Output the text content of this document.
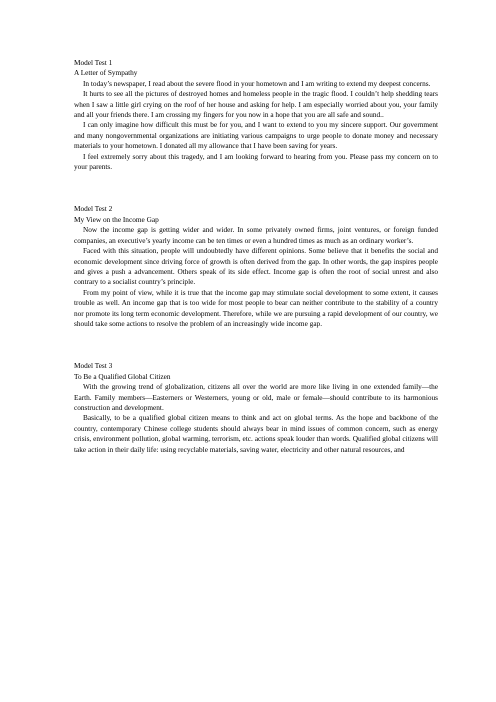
Model Test 1
A Letter of Sympathy

In today’s newspaper, I read about the severe flood in your hometown and I am writing to extend my deepest concerns.

It hurts to see all the pictures of destroyed homes and homeless people in the tragic flood. I couldn’t help shedding tears when I saw a little girl crying on the roof of her house and asking for help. I am especially worried about you, your family and all your friends there. I am crossing my fingers for you now in a hope that you are all safe and sound..

I can only imagine how difficult this must be for you, and I want to extend to you my sincere support. Our government and many nongovernmental organizations are initiating various campaigns to urge people to donate money and necessary materials to your hometown. I donated all my allowance that I have been saving for years.

I feel extremely sorry about this tragedy, and I am looking forward to hearing from you. Please pass my concern on to your parents.

Model Test 2
My View on the Income Gap

Now the income gap is getting wider and wider. In some privately owned firms, joint ventures, or foreign funded companies, an executive’s yearly income can be ten times or even a hundred times as much as an ordinary worker’s.

Faced with this situation, people will undoubtedly have different opinions. Some believe that it benefits the social and economic development since driving force of growth is often derived from the gap. In other words, the gap inspires people and gives a push a advancement. Others speak of its side effect. Income gap is often the root of social unrest and also contrary to a socialist country’s principle.

From my point of view, while it is true that the income gap may stimulate social development to some extent, it causes trouble as well. An income gap that is too wide for most people to bear can neither contribute to the stability of a country nor promote its long term economic development. Therefore, while we are pursuing a rapid development of our country, we should take some actions to resolve the problem of an increasingly wide income gap.

Model Test 3
To Be a Qualified Global Citizen

With the growing trend of globalization, citizens all over the world are more like living in one extended family—the Earth. Family members—Easterners or Westerners, young or old, male or female—should contribute to its harmonious construction and development.

Basically, to be a qualified global citizen means to think and act on global terms. As the hope and backbone of the country, contemporary Chinese college students should always bear in mind issues of common concern, such as energy crisis, environment pollution, global warming, terrorism, etc. actions speak louder than words. Qualified global citizens will take action in their daily life: using recyclable materials, saving water, electricity and other natural resources, and
